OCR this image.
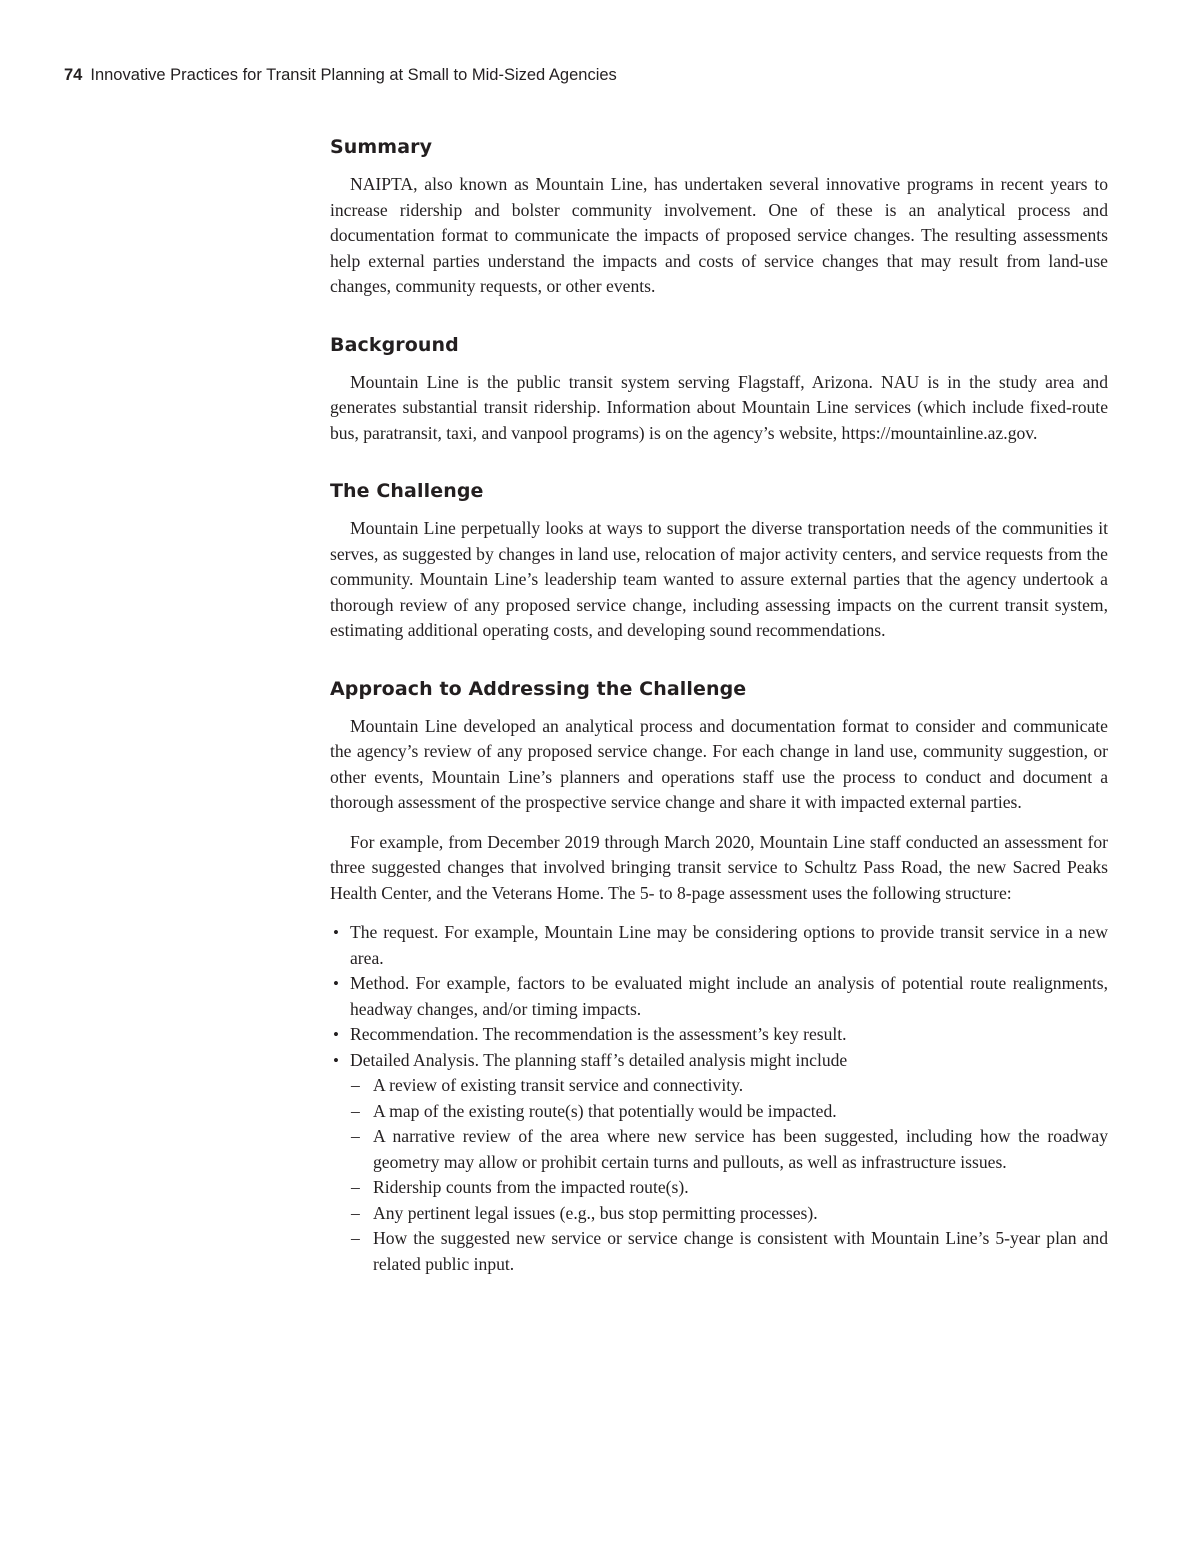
74 Innovative Practices for Transit Planning at Small to Mid-Sized Agencies
Summary

NAIPTA, also known as Mountain Line, has undertaken several innovative programs in recent years to increase ridership and bolster community involvement. One of these is an analytical process and documentation format to communicate the impacts of proposed service changes. The resulting assessments help external parties understand the impacts and costs of service changes that may result from land-use changes, community requests, or other events.

Background

Mountain Line is the public transit system serving Flagstaff, Arizona. NAU is in the study area and generates substantial transit ridership. Information about Mountain Line services (which include fixed-route bus, paratransit, taxi, and vanpool programs) is on the agency’s website, https://mountainline.az.gov.

The Challenge

Mountain Line perpetually looks at ways to support the diverse transportation needs of the communities it serves, as suggested by changes in land use, relocation of major activity centers, and service requests from the community. Mountain Line’s leadership team wanted to assure external parties that the agency undertook a thorough review of any proposed service change, including assessing impacts on the current transit system, estimating additional operating costs, and developing sound recommendations.

Approach to Addressing the Challenge

Mountain Line developed an analytical process and documentation format to consider and communicate the agency’s review of any proposed service change. For each change in land use, community suggestion, or other events, Mountain Line’s planners and operations staff use the process to conduct and document a thorough assessment of the prospective service change and share it with impacted external parties.

For example, from December 2019 through March 2020, Mountain Line staff conducted an assessment for three suggested changes that involved bringing transit service to Schultz Pass Road, the new Sacred Peaks Health Center, and the Veterans Home. The 5- to 8-page assessment uses the following structure:

• The request. For example, Mountain Line may be considering options to provide transit service in a new area.
• Method. For example, factors to be evaluated might include an analysis of potential route realignments, headway changes, and/or timing impacts.
• Recommendation. The recommendation is the assessment’s key result.
• Detailed Analysis. The planning staff’s detailed analysis might include
– A review of existing transit service and connectivity.
– A map of the existing route(s) that potentially would be impacted.
– A narrative review of the area where new service has been suggested, including how the roadway geometry may allow or prohibit certain turns and pullouts, as well as infrastructure issues.
– Ridership counts from the impacted route(s).
– Any pertinent legal issues (e.g., bus stop permitting processes).
– How the suggested new service or service change is consistent with Mountain Line’s 5-year plan and related public input.
